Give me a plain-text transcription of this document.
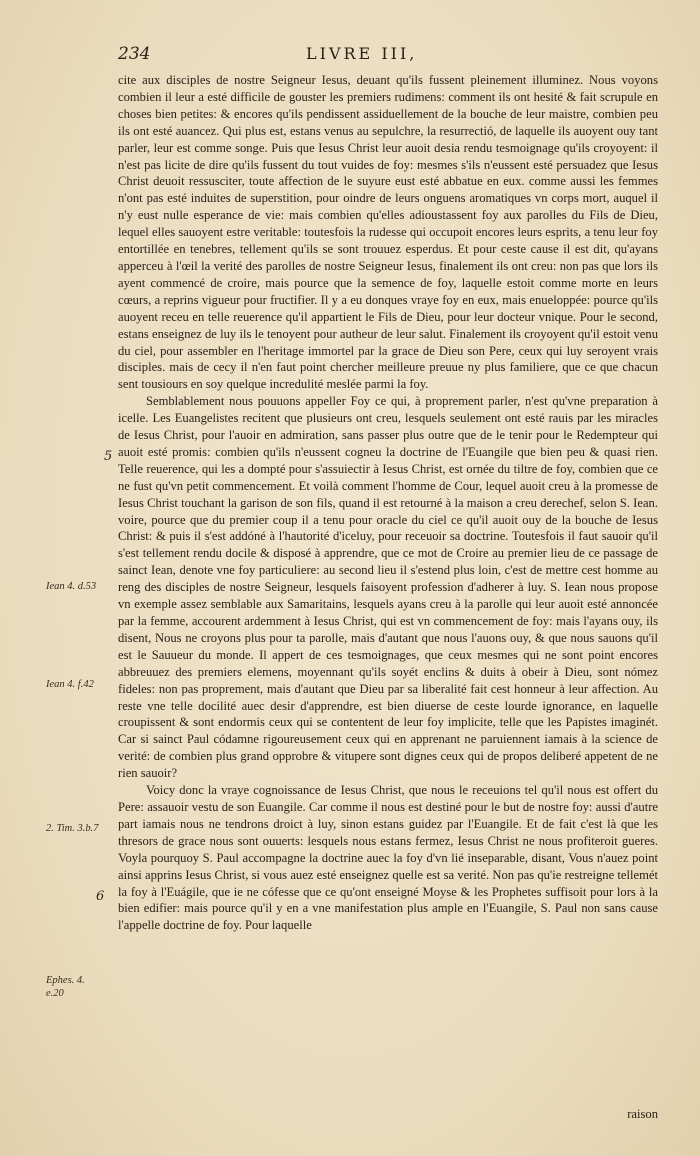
234	LIVRE III,
5
6

cite aux disciples de nostre Seigneur Iesus, deuant qu'ils fussent pleinement illuminez. Nous voyons combien il leur a esté difficile de gouster les premiers rudimens: comment ils ont hesité & fait scrupule en choses bien petites: & encores qu'ils pendissent assiduellement de la bouche de leur maistre, combien peu ils ont esté auancez. Qui plus est, estans venus au sepulchre, la resurrectió, de laquelle ils auoyent ouy tant parler, leur est comme songe. Puis que Iesus Christ leur auoit desia rendu tesmoignage qu'ils croyoyent: il n'est pas licite de dire qu'ils fussent du tout vuides de foy: mesmes s'ils n'eussent esté persuadez que Iesus Christ deuoit ressusciter, toute affection de le suyure eust esté abbatue en eux. comme aussi les femmes n'ont pas esté induites de superstition, pour oindre de leurs onguens aromatiques vn corps mort, auquel il n'y eust nulle esperance de vie: mais combien qu'elles adioustassent foy aux parolles du Fils de Dieu, lequel elles sauoyent estre veritable: toutesfois la rudesse qui occupoit encores leurs esprits, a tenu leur foy entortillée en tenebres, tellement qu'ils se sont trouuez esperdus. Et pour ceste cause il est dit, qu'ayans apperceu à l'œil la verité des parolles de nostre Seigneur Iesus, finalement ils ont creu: non pas que lors ils ayent commencé de croire, mais pource que la semence de foy, laquelle estoit comme morte en leurs cœurs, a reprins vigueur pour fructifier. Il y a eu donques vraye foy en eux, mais enueloppée: pource qu'ils auoyent receu en telle reuerence qu'il appartient le Fils de Dieu, pour leur docteur vnique. Pour le second, estans enseignez de luy ils le tenoyent pour autheur de leur salut. Finalement ils croyoyent qu'il estoit venu du ciel, pour assembler en l'heritage immortel par la grace de Dieu son Pere, ceux qui luy seroyent vrais disciples. mais de cecy il n'en faut point chercher meilleure preuue ny plus familiere, que ce que chacun sent tousiours en soy quelque incredulité meslée parmi la foy.

Semblablement nous pouuons appeller Foy ce qui, à proprement parler, n'est qu'vne preparation à icelle. Les Euangelistes recitent que plusieurs ont creu, lesquels seulement ont esté rauis par les miracles de Iesus Christ, pour l'auoir en admiration, sans passer plus outre que de le tenir pour le Redempteur qui auoit esté promis: combien qu'ils n'eussent cogneu la doctrine de l'Euangile que bien peu & quasi rien. Telle reuerence, qui les a dompté pour s'assuiectir à Iesus Christ, est ornée du tiltre de foy, combien que ce ne fust qu'vn petit commencement. Et voilà comment l'homme de Cour, lequel auoit creu à la promesse de Iesus Christ touchant la garison de son fils, quand il est retourné à la maison a creu derechef, selon S. Iean. voire, pource que du premier coup il a tenu pour oracle du ciel ce qu'il auoit ouy de la bouche de Iesus Christ: & puis il s'est addóné à l'hautorité d'iceluy, pour receuoir sa doctrine. Toutesfois il faut sauoir qu'il s'est tellement rendu docile & disposé à apprendre, que ce mot de Croire au premier lieu de ce passage de sainct Iean, denote vne foy particuliere: au second lieu il s'estend plus loin, c'est de mettre cest homme au reng des disciples de nostre Seigneur, lesquels faisoyent profession d'adherer à luy. S. Iean nous propose vn exemple assez semblable aux Samaritains, lesquels ayans creu à la parolle qui leur auoit esté annoncée par la femme, accourent ardemment à Iesus Christ, qui est vn commencement de foy: mais l'ayans ouy, ils disent, Nous ne croyons plus pour ta parolle, mais d'autant que nous l'auons ouy, & que nous sauons qu'il est le Sauueur du monde. Il appert de ces tesmoignages, que ceux mesmes qui ne sont point encores abbreuuez des premiers elemens, moyennant qu'ils soyét enclins & duits à obeir à Dieu, sont nómez fideles: non pas proprement, mais d'autant que Dieu par sa liberalité fait cest honneur à leur affection. Au reste vne telle docilité auec desir d'apprendre, est bien diuerse de ceste lourde ignorance, en laquelle croupissent & sont endormis ceux qui se contentent de leur foy implicite, telle que les Papistes imaginét. Car si sainct Paul códamne rigoureusement ceux qui en apprenant ne paruiennent iamais à la science de verité: de combien plus grand opprobre & vitupere sont dignes ceux qui de propos deliberé appetent de ne rien sauoir?

Voicy donc la vraye cognoissance de Iesus Christ, que nous le receuions tel qu'il nous est offert du Pere: assauoir vestu de son Euangile. Car comme il nous est destiné pour le but de nostre foy: aussi d'autre part iamais nous ne tendrons droict à luy, sinon estans guidez par l'Euangile. Et de fait c'est là que les thresors de grace nous sont ouuerts: lesquels nous estans fermez, Iesus Christ ne nous profiteroit gueres. Voyla pourquoy S. Paul accompagne la doctrine auec la foy d'vn lié inseparable, disant, Vous n'auez point ainsi apprins Iesus Christ, si vous auez esté enseignez quelle est sa verité. Non pas qu'ie restreigne tellemét la foy à l'Euágile, que ie ne cófesse que ce qu'ont enseigné Moyse & les Prophetes suffisoit pour lors à la bien edifier: mais pource qu'il y en a vne manifestation plus ample en l'Euangile, S. Paul non sans cause l'appelle doctrine de foy. Pour laquelle

Iean 4. d.53
Iean 4. f.42
2. Tim. 3.b.7
Ephes. 4. e.20
raison
